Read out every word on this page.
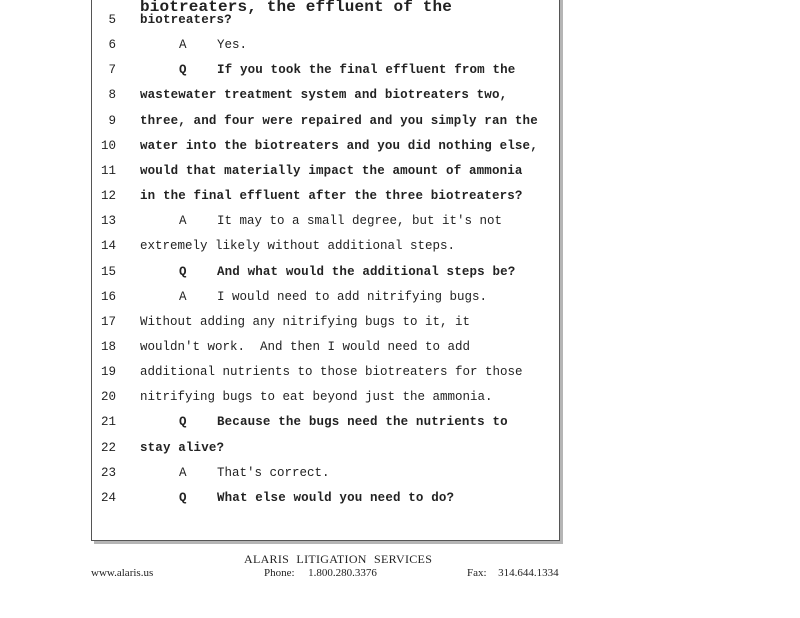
biotreaters, the effluent of the
5 biotreaters?
6	A Yes.
7	Q If you took the final effluent from the
8 wastewater treatment system and biotreaters two,
9 three, and four were repaired and you simply ran the
10 water into the biotreaters and you did nothing else,
11 would that materially impact the amount of ammonia
12 in the final effluent after the three biotreaters?
13	A It may to a small degree, but it's not
14 extremely likely without additional steps.
15	Q And what would the additional steps be?
16	A I would need to add nitrifying bugs.
17 Without adding any nitrifying bugs to it, it
18 wouldn't work.  And then I would need to add
19 additional nutrients to those biotreaters for those
20 nitrifying bugs to eat beyond just the ammonia.
21	Q Because the bugs need the nutrients to
22 stay alive?
23	A That's correct.
24	Q What else would you need to do?
ALARIS LITIGATION SERVICES
www.alaris.us	Phone: 1.800.280.3376	Fax: 314.644.1334
